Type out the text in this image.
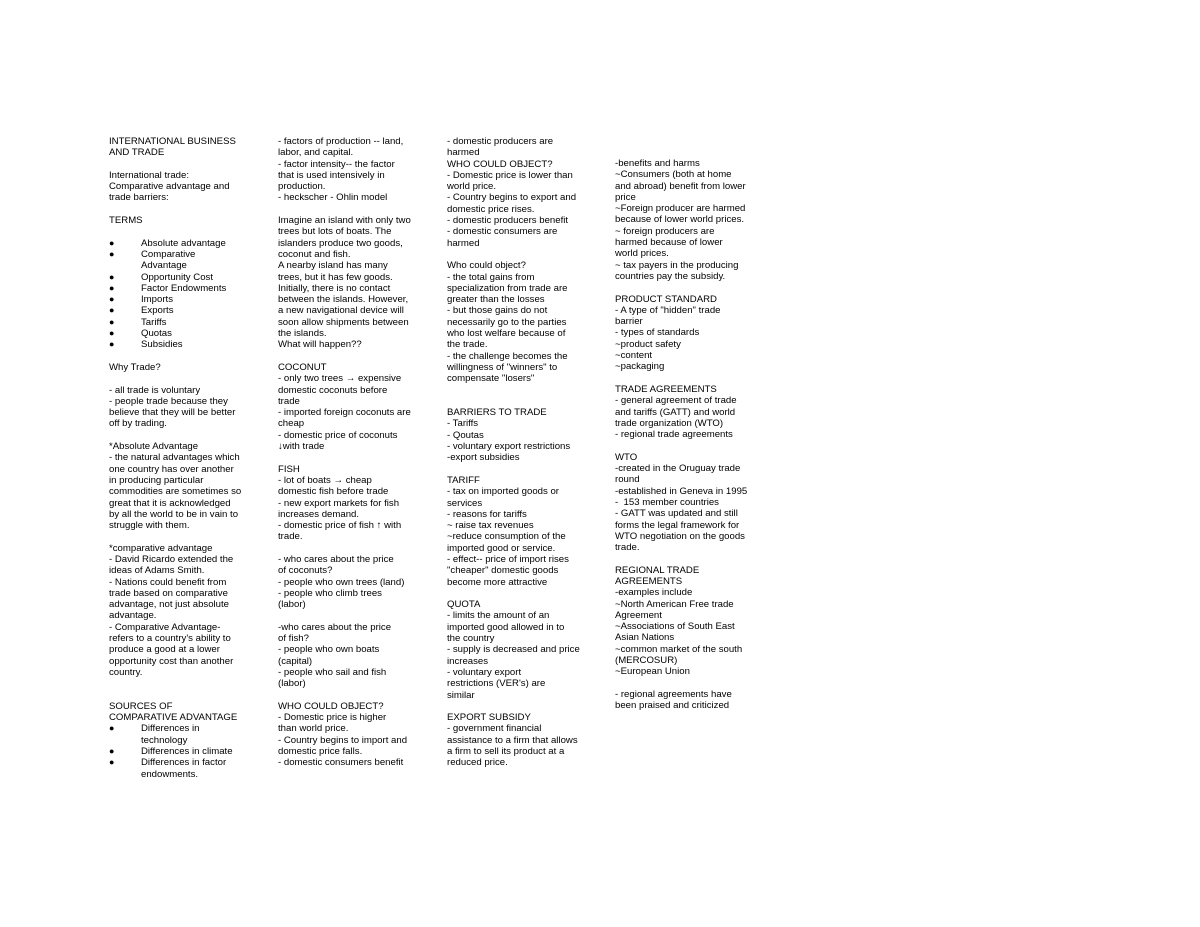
INTERNATIONAL BUSINESS
AND TRADE

International trade:
Comparative advantage and
trade barriers:

TERMS

●	Absolute advantage
●	Comparative
Advantage
●	Opportunity Cost
●	Factor Endowments
●	Imports
●	Exports
●	Tariffs
●	Quotas
●	Subsidies

Why Trade?

- all trade is voluntary
- people trade because they
believe that they will be better
off by trading.

*Absolute Advantage
- the natural advantages which
one country has over another
in producing particular
commodities are sometimes so
great that it is acknowledged
by all the world to be in vain to
struggle with them.

*comparative advantage
- David Ricardo extended the
ideas of Adams Smith.
- Nations could benefit from
trade based on comparative
advantage, not just absolute
advantage.
- Comparative Advantage-
refers to a country's ability to
produce a good at a lower
opportunity cost than another
country.

SOURCES OF
COMPARATIVE ADVANTAGE

●	Differences in
technology
●	Differences in climate
●	Differences in factor
endowments.

- factors of production -- land,
labor, and capital.
- factor intensity-- the factor
that is used intensively in
production.
- heckscher - Ohlin model

Imagine an island with only two
trees but lots of boats. The
islanders produce two goods,
coconut and fish.
A nearby island has many
trees, but it has few goods.
Initially, there is no contact
between the islands. However,
a new navigational device will
soon allow shipments between
the islands.
What will happen??

COCONUT
- only two trees → expensive
domestic coconuts before
trade
- imported foreign coconuts are
cheap
- domestic price of coconuts
↓with trade

FISH
- lot of boats → cheap
domestic fish before trade
- new export markets for fish
increases demand.
- domestic price of fish ↑ with
trade.

- who cares about the price
of coconuts?
- people who own trees (land)
- people who climb trees
(labor)

-who cares about the price
of fish?
- people who own boats
(capital)
- people who sail and fish
(labor)

WHO COULD OBJECT?
- Domestic price is higher
than world price.
- Country begins to import and
domestic price falls.
- domestic consumers benefit

- domestic producers are
harmed
WHO COULD OBJECT?
- Domestic price is lower than
world price.
- Country begins to export and
domestic price rises.
- domestic producers benefit
- domestic consumers are
harmed

Who could object?
- the total gains from
specialization from trade are
greater than the losses
- but those gains do not
necessarily go to the parties
who lost welfare because of
the trade.
- the challenge becomes the
willingness of "winners" to
compensate "losers"

BARRIERS TO TRADE
- Tariffs
- Qoutas
- voluntary export restrictions
-export subsidies

TARIFF
- tax on imported goods or
services
- reasons for tariffs
~ raise tax revenues
~reduce consumption of the
imported good or service.
- effect-- price of import rises
"cheaper" domestic goods
become more attractive

QUOTA
- limits the amount of an
imported good allowed in to
the country
- supply is decreased and price
increases
- voluntary export
restrictions (VER's) are
similar

EXPORT SUBSIDY
- government financial
assistance to a firm that allows
a firm to sell its product at a
reduced price.

-benefits and harms
~Consumers (both at home
and abroad) benefit from lower
price
~Foreign producer are harmed
because of lower world prices.
~ foreign producers are
harmed because of lower
world prices.
~ tax payers in the producing
countries pay the subsidy.

PRODUCT STANDARD
- A type of "hidden" trade
barrier
- types of standards
~product safety
~content
~packaging

TRADE AGREEMENTS
- general agreement of trade
and tariffs (GATT) and world
trade organization (WTO)
- regional trade agreements

WTO
-created in the Oruguay trade
round
-established in Geneva in 1995
-  153 member countries
- GATT was updated and still
forms the legal framework for
WTO negotiation on the goods
trade.

REGIONAL TRADE
AGREEMENTS
-examples include
~North American Free trade
Agreement
~Associations of South East
Asian Nations
~common market of the south
(MERCOSUR)
~European Union

- regional agreements have
been praised and criticized
